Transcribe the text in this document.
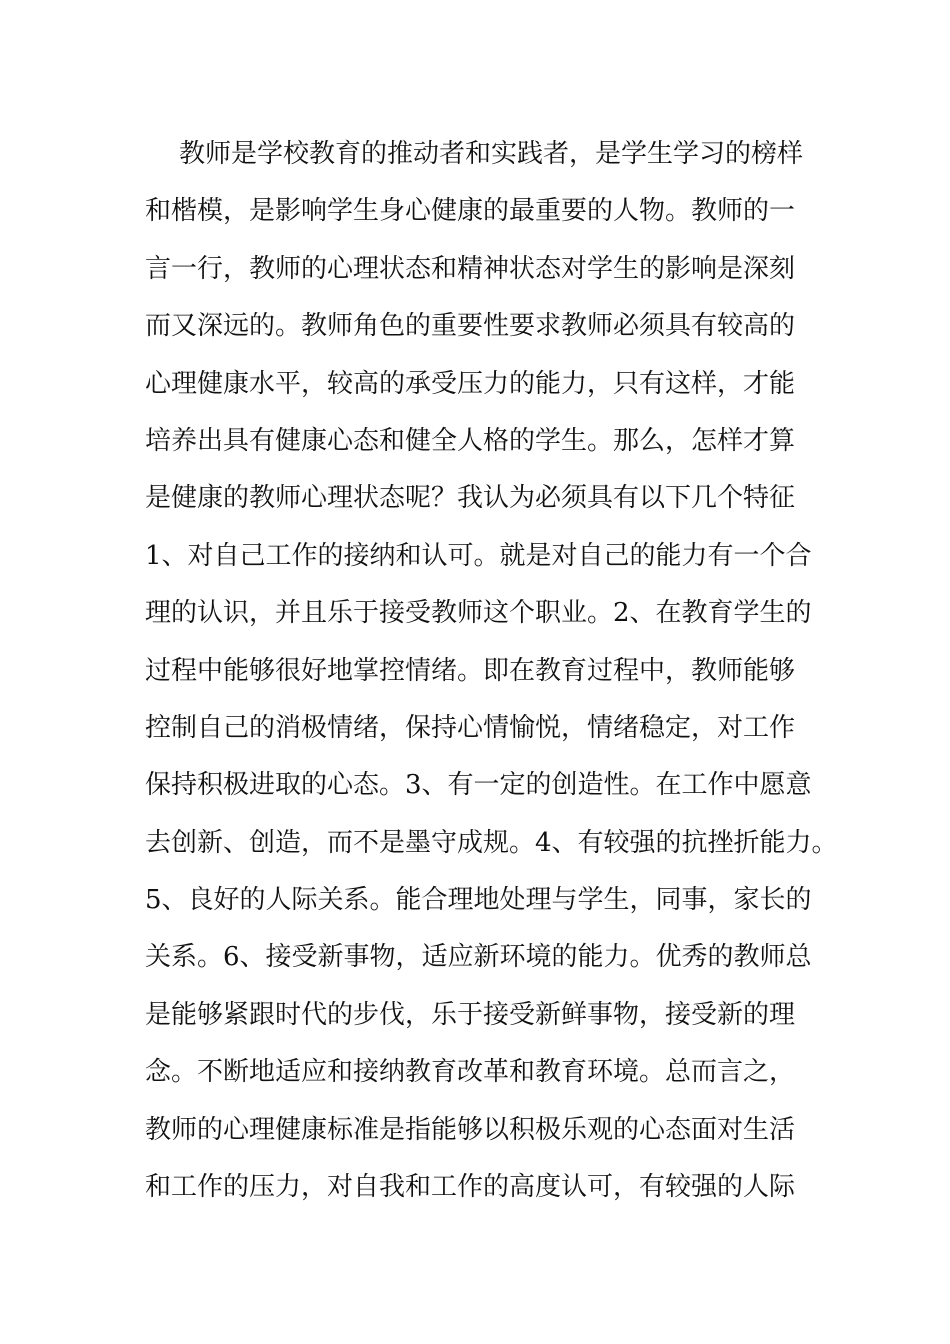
教师是学校教育的推动者和实践者，是学生学习的榜样
和楷模，是影响学生身心健康的最重要的人物。教师的一
言一行，教师的心理状态和精神状态对学生的影响是深刻
而又深远的。教师角色的重要性要求教师必须具有较高的
心理健康水平，较高的承受压力的能力，只有这样，才能
培养出具有健康心态和健全人格的学生。那么，怎样才算
是健康的教师心理状态呢？我认为必须具有以下几个特征
1、对自己工作的接纳和认可。就是对自己的能力有一个合
理的认识，并且乐于接受教师这个职业。2、在教育学生的
过程中能够很好地掌控情绪。即在教育过程中，教师能够
控制自己的消极情绪，保持心情愉悦，情绪稳定，对工作
保持积极进取的心态。3、有一定的创造性。在工作中愿意
去创新、创造，而不是墨守成规。4、有较强的抗挫折能力。
5、良好的人际关系。能合理地处理与学生，同事，家长的
关系。6、接受新事物，适应新环境的能力。优秀的教师总
是能够紧跟时代的步伐，乐于接受新鲜事物，接受新的理
念。不断地适应和接纳教育改革和教育环境。总而言之，
教师的心理健康标准是指能够以积极乐观的心态面对生活
和工作的压力，对自我和工作的高度认可，有较强的人际
